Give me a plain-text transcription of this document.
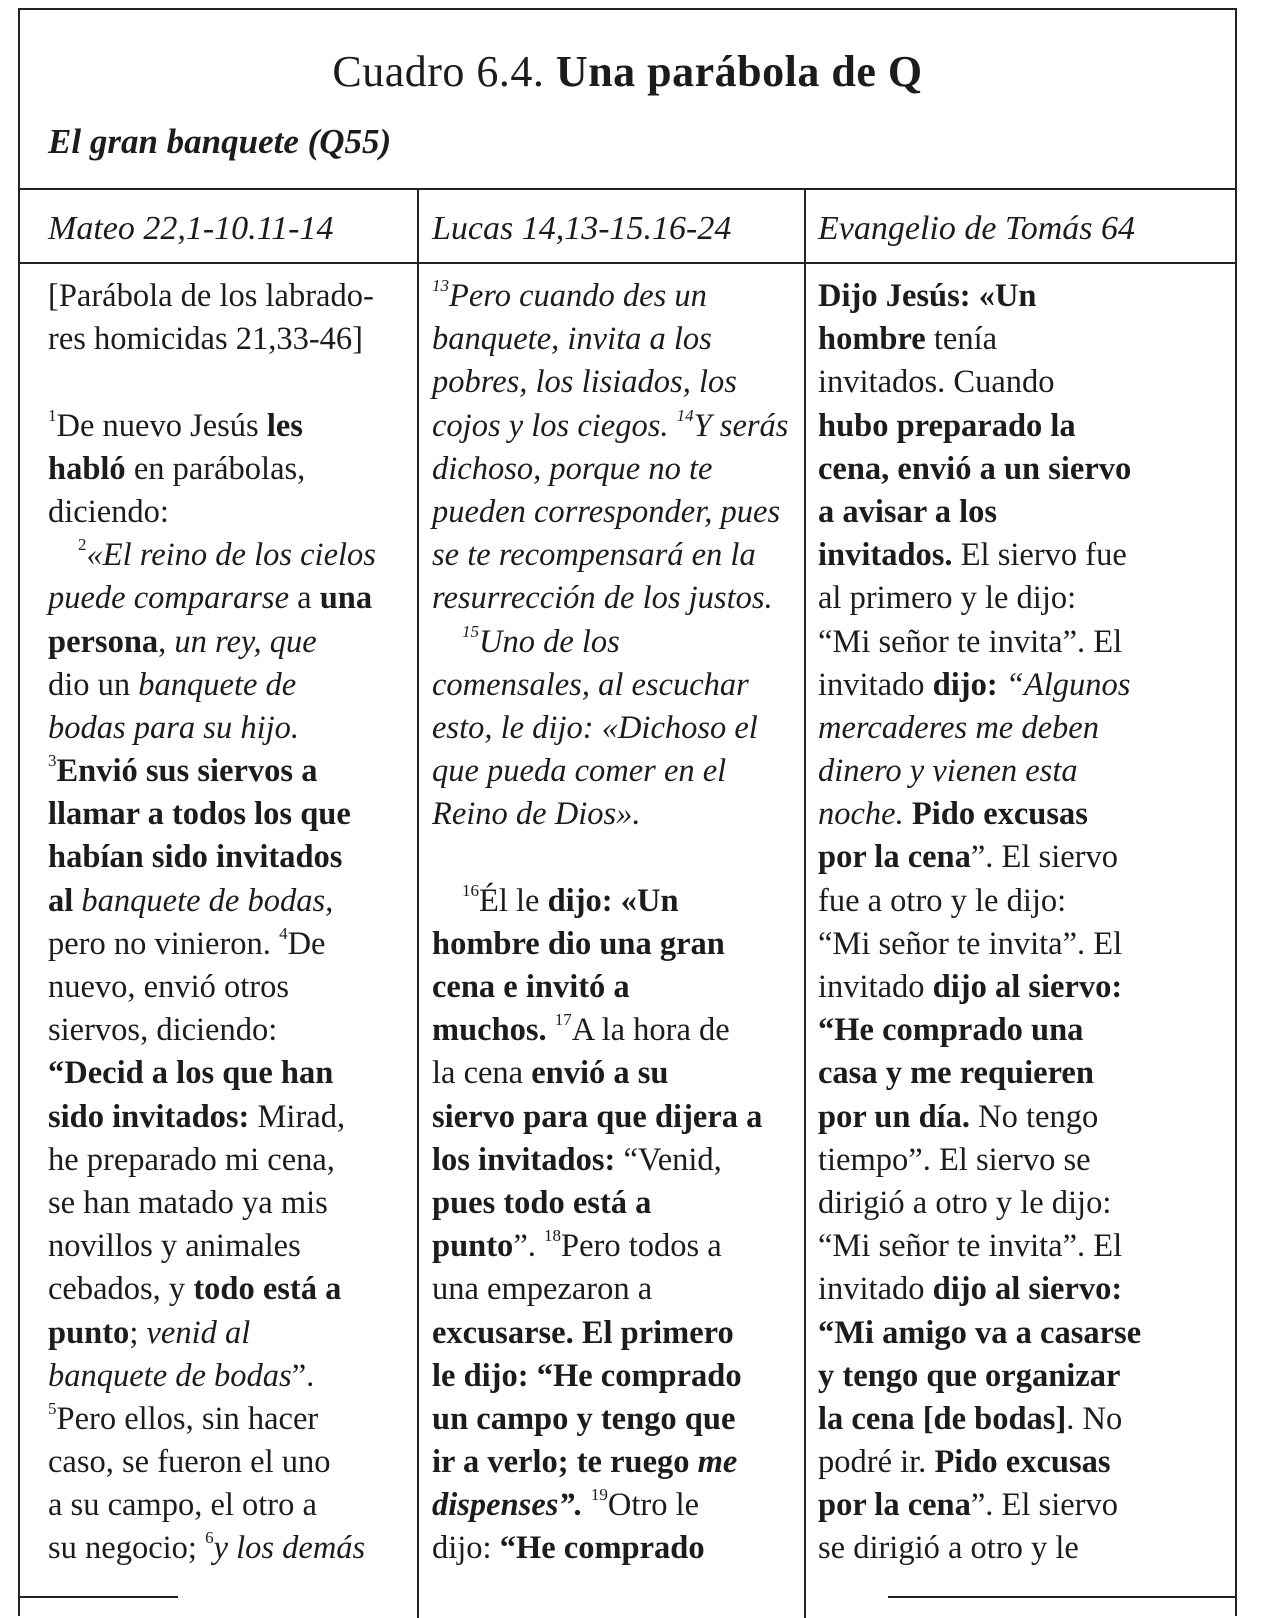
Cuadro 6.4. Una parábola de Q
El gran banquete (Q55)
Mateo 22,1-10.11-14	Lucas 14,13-15.16-24	Evangelio de Tomás 64
[Parábola de los labrado-
res homicidas 21,33-46]
$^1$De nuevo Jesús les
habló en parábolas,
diciendo:
$^2$«El reino de los cielos
puede compararse a una
persona, un rey, que
dio un banquete de
bodas para su hijo.
$^3$Envió sus siervos a
llamar a todos los que
habían sido invitados
al banquete de bodas,
pero no vinieron. $^4$De
nuevo, envió otros
siervos, diciendo:
“Decid a los que han
sido invitados: Mirad,
he preparado mi cena,
se han matado ya mis
novillos y animales
cebados, y todo está a
punto; venid al
banquete de bodas”.
$^5$Pero ellos, sin hacer
caso, se fueron el uno
a su campo, el otro a
su negocio; $^6$y los demás
$^{13}$Pero cuando des un
banquete, invita a los
pobres, los lisiados, los
cojos y los ciegos. $^{14}$Y serás
dichoso, porque no te
pueden corresponder, pues
se te recompensará en la
resurrección de los justos.
$^{15}$Uno de los
comensales, al escuchar
esto, le dijo: «Dichoso el
que pueda comer en el
Reino de Dios».
$^{16}$Él le dijo: «Un
hombre dio una gran
cena e invitó a
muchos. $^{17}$A la hora de
la cena envió a su
siervo para que dijera a
los invitados: “Venid,
pues todo está a
punto”. $^{18}$Pero todos a
una empezaron a
excusarse. El primero
le dijo: “He comprado
un campo y tengo que
ir a verlo; te ruego me
dispenses”. $^{19}$Otro le
dijo: “He comprado
Dijo Jesús: «Un
hombre tenía
invitados. Cuando
hubo preparado la
cena, envió a un siervo
a avisar a los
invitados. El siervo fue
al primero y le dijo:
“Mi señor te invita”. El
invitado dijo: “Algunos
mercaderes me deben
dinero y vienen esta
noche. Pido excusas
por la cena”. El siervo
fue a otro y le dijo:
“Mi señor te invita”. El
invitado dijo al siervo:
“He comprado una
casa y me requieren
por un día. No tengo
tiempo”. El siervo se
dirigió a otro y le dijo:
“Mi señor te invita”. El
invitado dijo al siervo:
“Mi amigo va a casarse
y tengo que organizar
la cena [de bodas]. No
podré ir. Pido excusas
por la cena”. El siervo
se dirigió a otro y le
